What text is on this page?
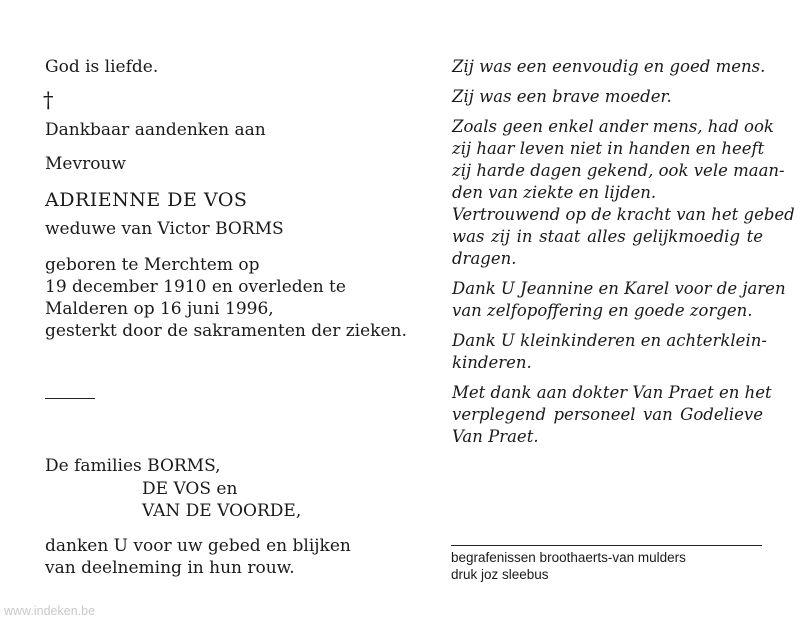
God is liefde.
†
Dankbaar aandenken aan
Mevrouw
ADRIENNE DE VOS
weduwe van Victor BORMS
geboren te Merchtem op
19 december 1910 en overleden te
Malderen op 16 juni 1996,
gesterkt door de sakramenten der zieken.
De families BORMS,
DE VOS en
VAN DE VOORDE,
danken U voor uw gebed en blijken
van deelneming in hun rouw.
Zij was een eenvoudig en goed mens.
Zij was een brave moeder.
Zoals geen enkel ander mens, had ook
zij haar leven niet in handen en heeft
zij harde dagen gekend, ook vele maan-
den van ziekte en lijden.
Vertrouwend op de kracht van het gebed
was zij in staat alles gelijkmoedig te
dragen.
Dank U Jeannine en Karel voor de jaren
van zelfopoffering en goede zorgen.
Dank U kleinkinderen en achterklein-
kinderen.
Met dank aan dokter Van Praet en het
verplegend personeel van Godelieve
Van Praet.
begrafenissen broothaerts-van mulders
druk joz sleebus
www.indeken.be
